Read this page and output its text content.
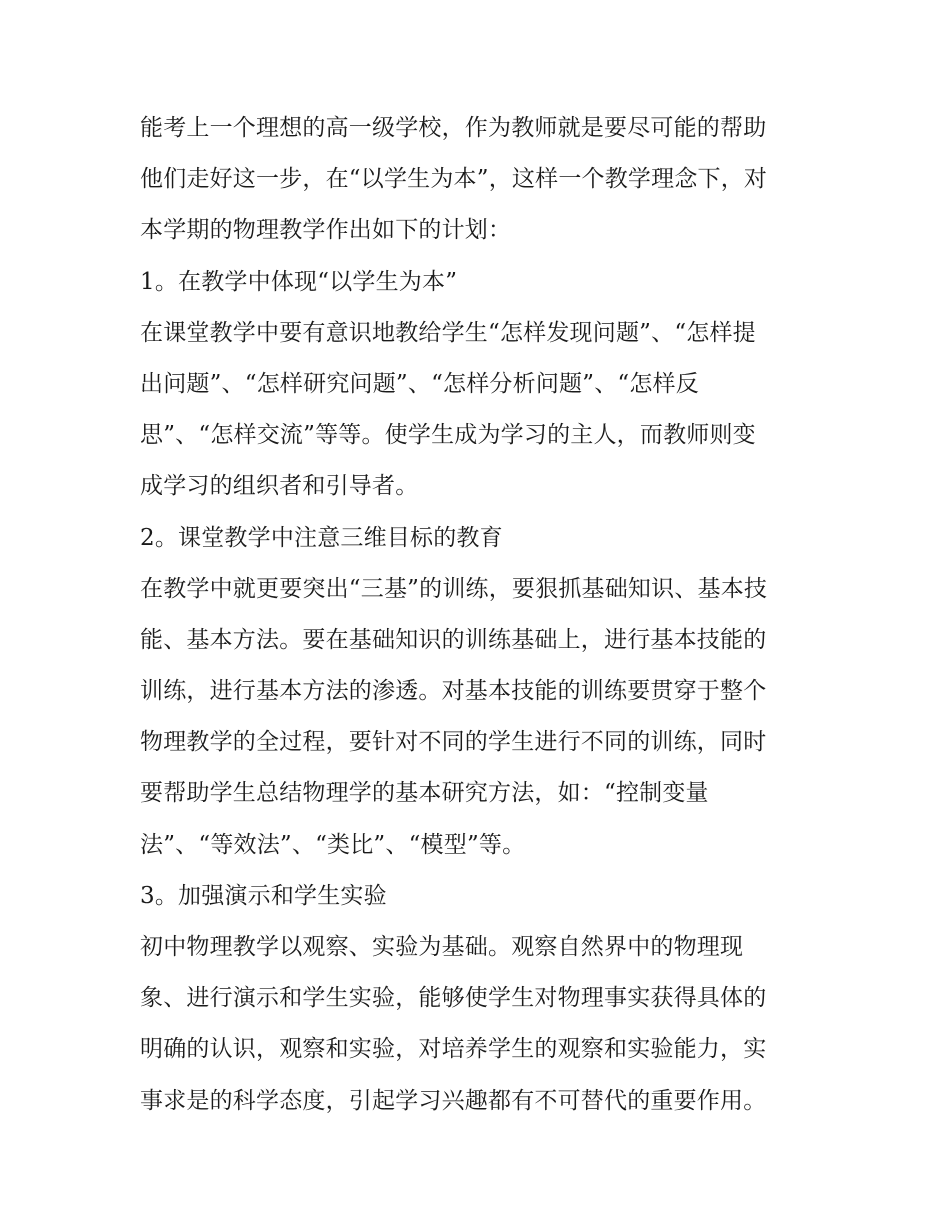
能考上一个理想的高一级学校，作为教师就是要尽可能的帮助
他们走好这一步，在“以学生为本”，这样一个教学理念下，对
本学期的物理教学作出如下的计划：
1。在教学中体现“以学生为本”
在课堂教学中要有意识地教给学生“怎样发现问题”、“怎样提
出问题”、“怎样研究问题”、“怎样分析问题”、“怎样反
思”、“怎样交流”等等。使学生成为学习的主人，而教师则变
成学习的组织者和引导者。
2。课堂教学中注意三维目标的教育
在教学中就更要突出“三基”的训练，要狠抓基础知识、基本技
能、基本方法。要在基础知识的训练基础上，进行基本技能的
训练，进行基本方法的渗透。对基本技能的训练要贯穿于整个
物理教学的全过程，要针对不同的学生进行不同的训练，同时
要帮助学生总结物理学的基本研究方法，如：“控制变量
法”、“等效法”、“类比”、“模型”等。
3。加强演示和学生实验
初中物理教学以观察、实验为基础。观察自然界中的物理现
象、进行演示和学生实验，能够使学生对物理事实获得具体的
明确的认识，观察和实验，对培养学生的观察和实验能力，实
事求是的科学态度，引起学习兴趣都有不可替代的重要作用。
